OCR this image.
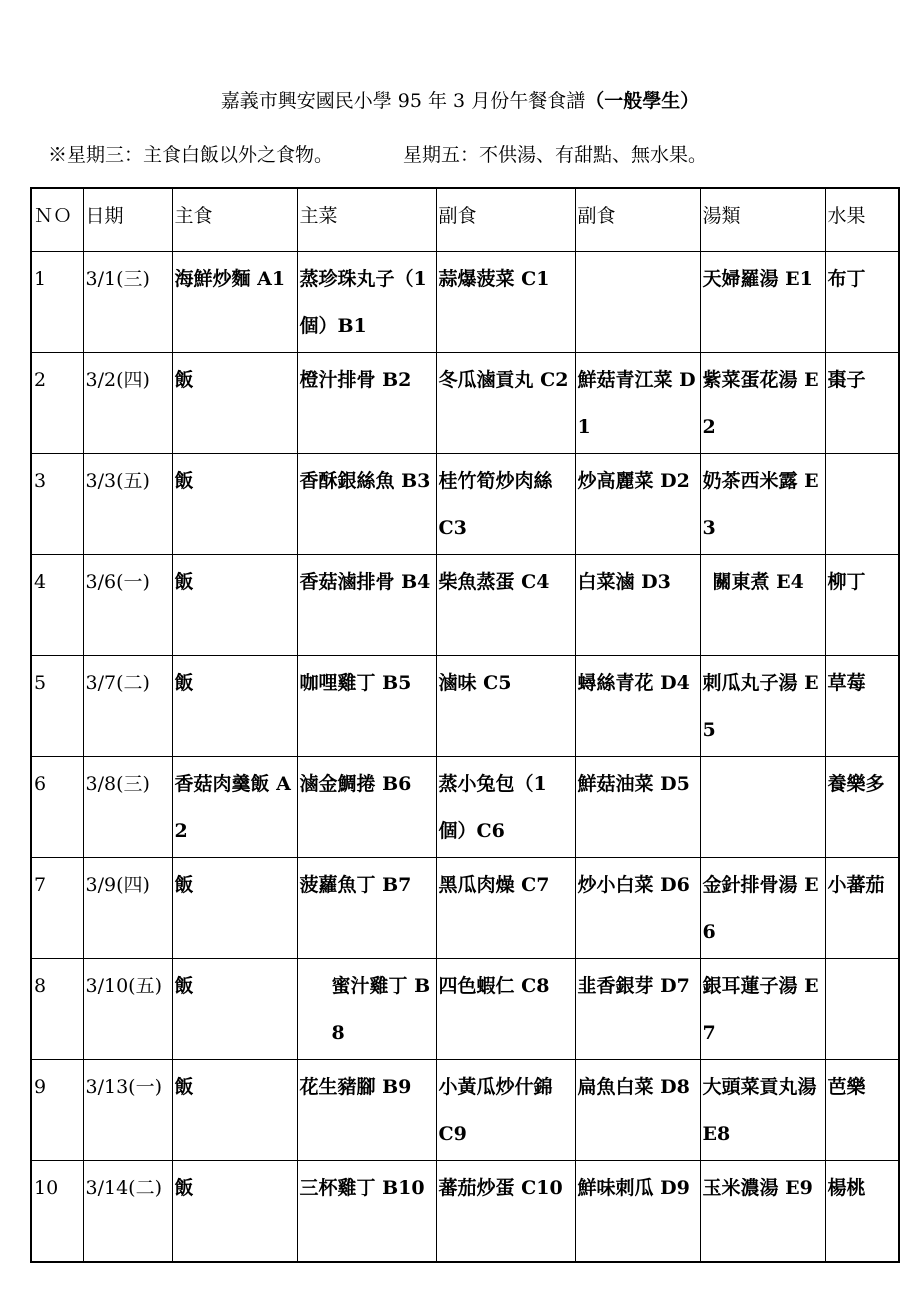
嘉義市興安國民小學 95 年 3 月份午餐食譜（一般學生）
※星期三：主食白飯以外之食物。	星期五：不供湯、有甜點、無水果。
ＮＯ	日期	主食	主菜	副食	副食	湯類	水果
1	3/1(三)	海鮮炒麵 A1	蒸珍珠丸子（1 個）B1	蒜爆菠菜 C1		天婦羅湯 E1	布丁
2	3/2(四)	飯	橙汁排骨 B2	冬瓜滷貢丸 C2	鮮菇青江菜 D1	紫菜蛋花湯 E2	棗子
3	3/3(五)	飯	香酥銀絲魚 B3	桂竹筍炒肉絲 C3	炒高麗菜 D2	奶茶西米露 E3	
4	3/6(一)	飯	香菇滷排骨 B4	柴魚蒸蛋 C4	白菜滷 D3	關東煮 E4	柳丁
5	3/7(二)	飯	咖哩雞丁 B5	滷味 C5	蟳絲青花 D4	刺瓜丸子湯 E5	草莓
6	3/8(三)	香菇肉羹飯 A2	滷金鯛捲 B6	蒸小兔包（1 個）C6	鮮菇油菜 D5		養樂多
7	3/9(四)	飯	菠蘿魚丁 B7	黑瓜肉燥 C7	炒小白菜 D6	金針排骨湯 E6	小蕃茄
8	3/10(五)	飯	蜜汁雞丁 B8	四色蝦仁 C8	韭香銀芽 D7	銀耳蓮子湯 E7	
9	3/13(一)	飯	花生豬腳 B9	小黃瓜炒什錦 C9	扁魚白菜 D8	大頭菜貢丸湯 E8	芭樂
10	3/14(二)	飯	三杯雞丁 B10	蕃茄炒蛋 C10	鮮味刺瓜 D9	玉米濃湯 E9	楊桃
